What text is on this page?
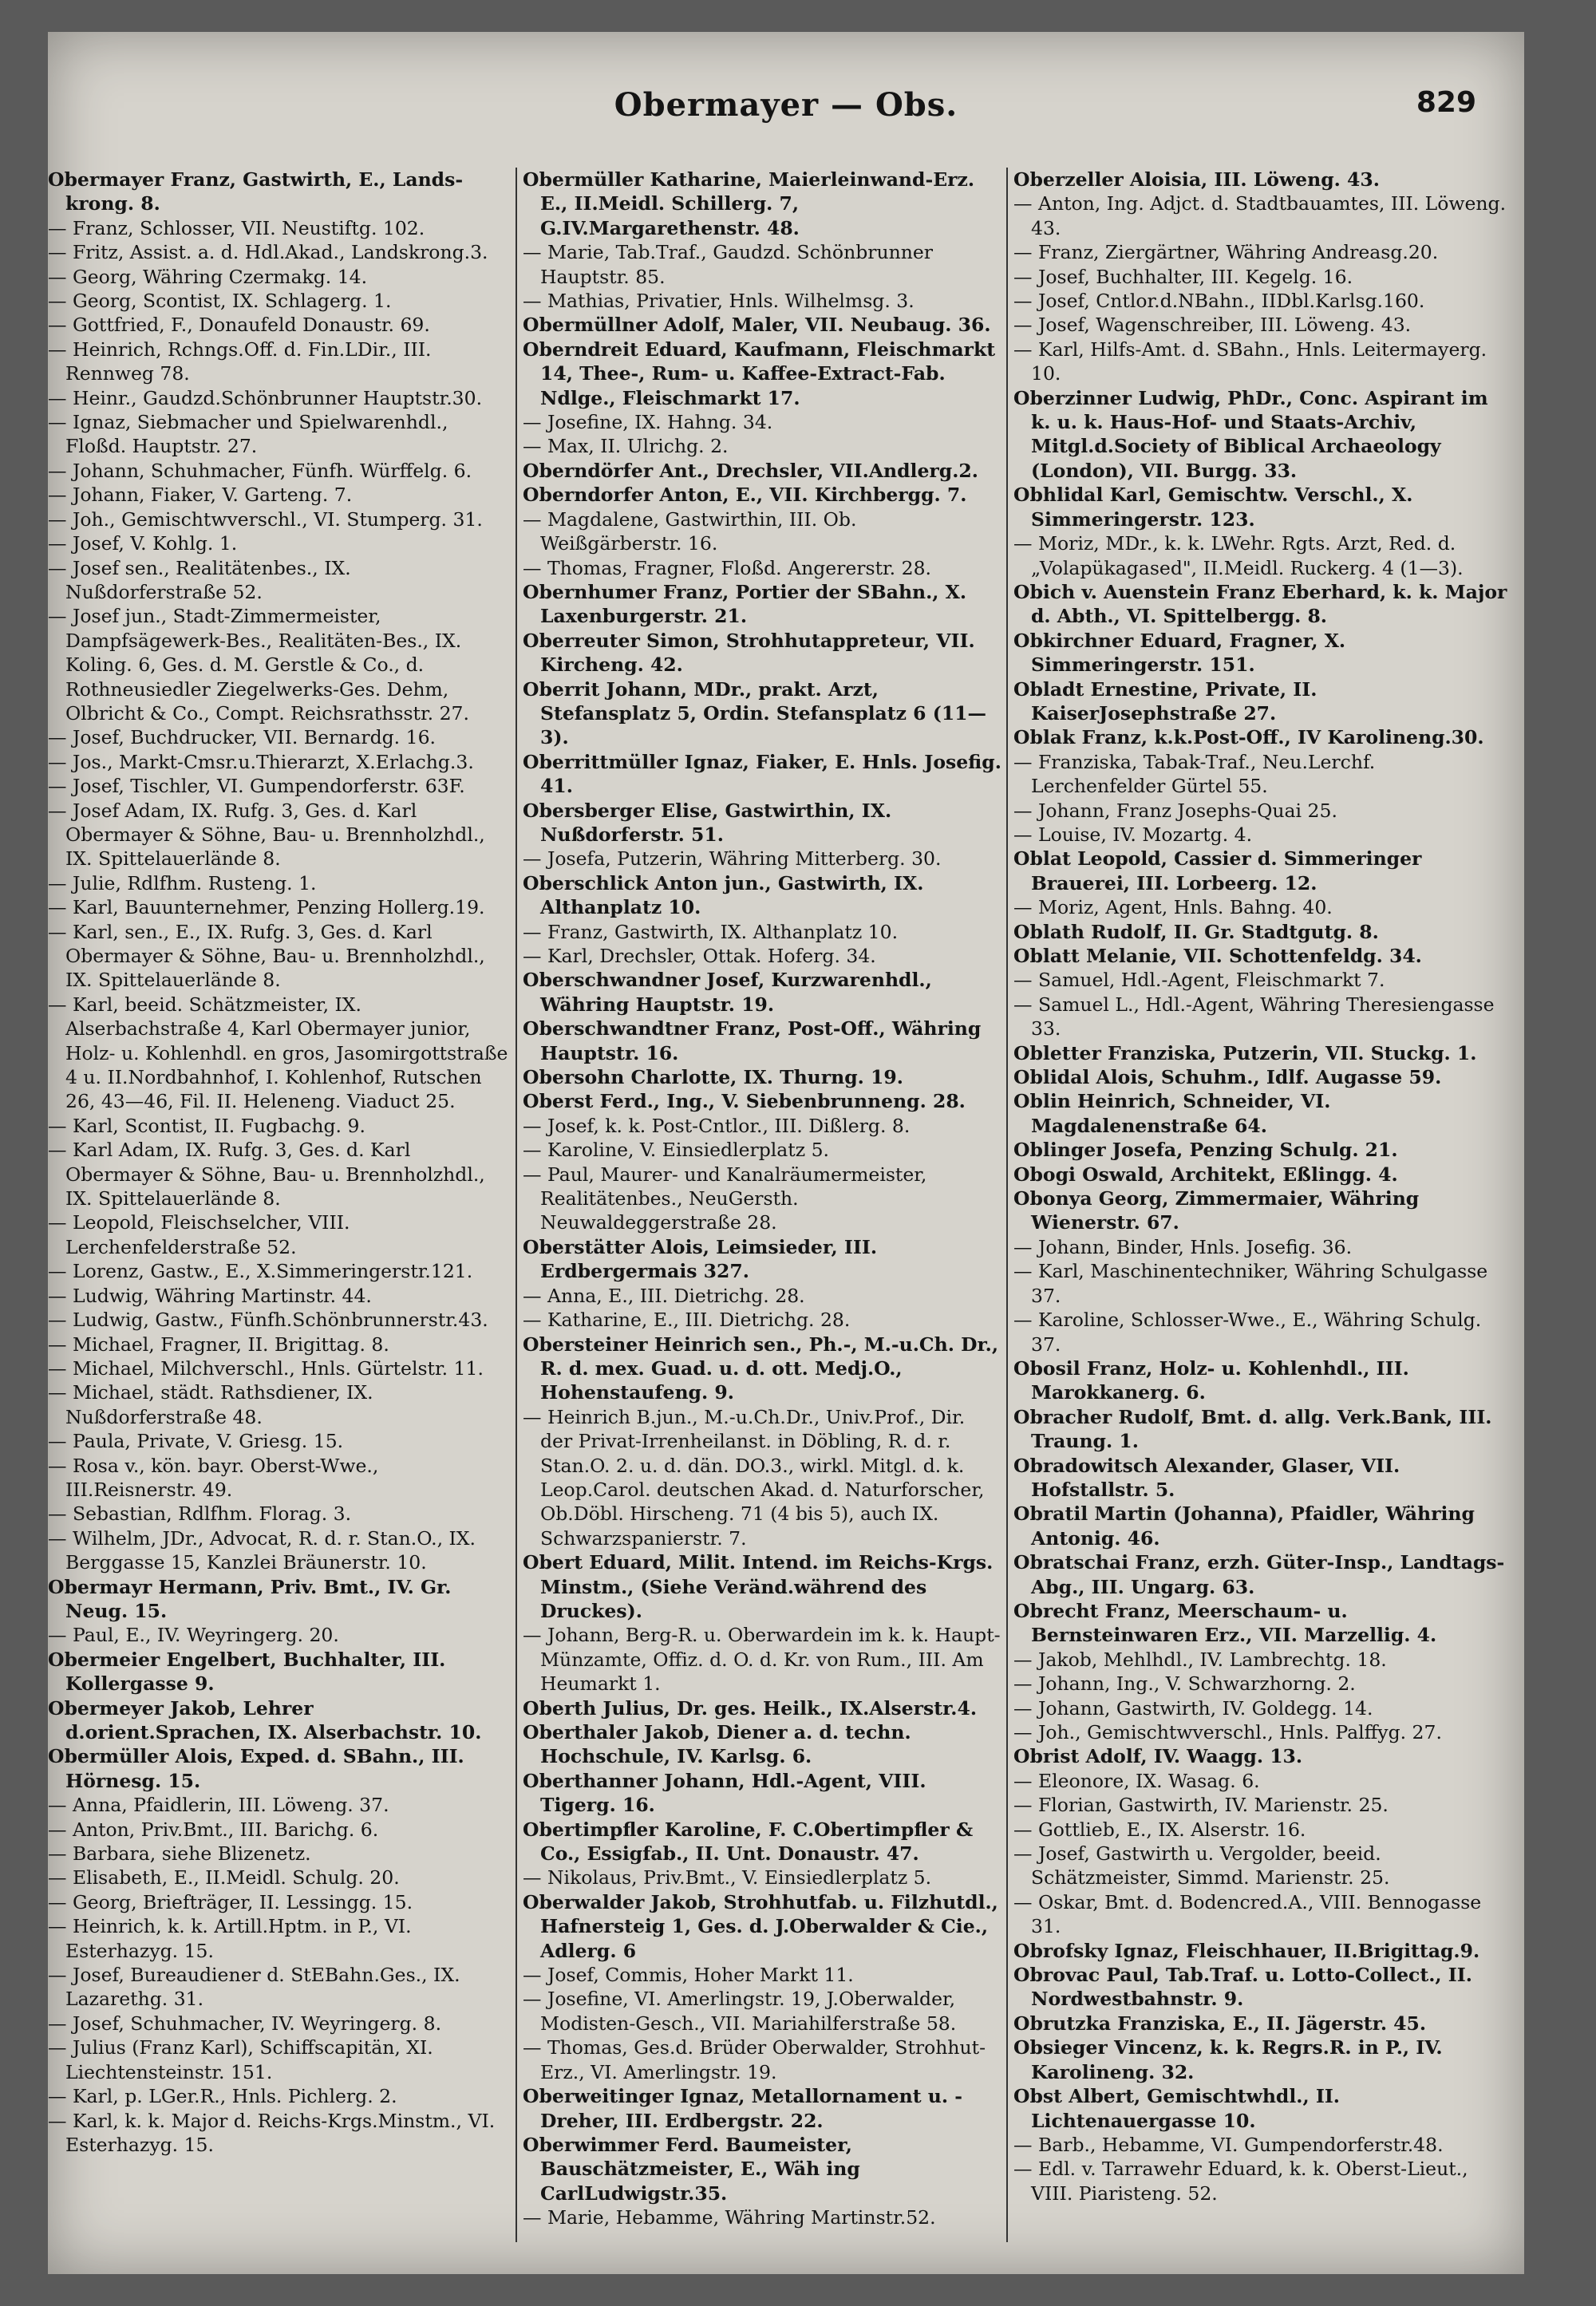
Obermayer — Obs.	829

Obermayer Franz, Gastwirth, E., Lands-krong. 8.

— Franz, Schlosser, VII. Neustiftg. 102.

— Fritz, Assist. a. d. Hdl.Akad., Landskrong.3.

— Georg, Währing Czermakg. 14.

— Georg, Scontist, IX. Schlagerg. 1.

— Gottfried, F., Donaufeld Donaustr. 69.

— Heinrich, Rchngs.Off. d. Fin.LDir., III. Rennweg 78.

— Heinr., Gaudzd.Schönbrunner Hauptstr.30.

— Ignaz, Siebmacher und Spielwarenhdl., Floßd. Hauptstr. 27.

— Johann, Schuhmacher, Fünfh. Würffelg. 6.

— Johann, Fiaker, V. Garteng. 7.

— Joh., Gemischtwverschl., VI. Stumperg. 31.

— Josef, V. Kohlg. 1.

— Josef sen., Realitätenbes., IX. Nußdorferstraße 52.

— Josef jun., Stadt-Zimmermeister, Dampfsägewerk-Bes., Realitäten-Bes., IX. Koling. 6, Ges. d. M. Gerstle & Co., d. Rothneusiedler Ziegelwerks-Ges. Dehm, Olbricht & Co., Compt. Reichsrathsstr. 27.

— Josef, Buchdrucker, VII. Bernardg. 16.

— Jos., Markt-Cmsr.u.Thierarzt, X.Erlachg.3.

— Josef, Tischler, VI. Gumpendorferstr. 63F.

— Josef Adam, IX. Rufg. 3, Ges. d. Karl Obermayer & Söhne, Bau- u. Brennholzhdl., IX. Spittelauerlände 8.

— Julie, Rdlfhm. Rusteng. 1.

— Karl, Bauunternehmer, Penzing Hollerg.19.

— Karl, sen., E., IX. Rufg. 3, Ges. d. Karl Obermayer & Söhne, Bau- u. Brennholzhdl., IX. Spittelauerlände 8.

— Karl, beeid. Schätzmeister, IX. Alserbachstraße 4, Karl Obermayer junior, Holz- u. Kohlenhdl. en gros, Jasomirgottstraße 4 u. II.Nordbahnhof, I. Kohlenhof, Rutschen 26, 43—46, Fil. II. Heleneng. Viaduct 25.

— Karl, Scontist, II. Fugbachg. 9.

— Karl Adam, IX. Rufg. 3, Ges. d. Karl Obermayer & Söhne, Bau- u. Brennholzhdl., IX. Spittelauerlände 8.

— Leopold, Fleischselcher, VIII. Lerchenfelderstraße 52.

— Lorenz, Gastw., E., X.Simmeringerstr.121.

— Ludwig, Währing Martinstr. 44.

— Ludwig, Gastw., Fünfh.Schönbrunnerstr.43.

— Michael, Fragner, II. Brigittag. 8.

— Michael, Milchverschl., Hnls. Gürtelstr. 11.

— Michael, städt. Rathsdiener, IX. Nußdorferstraße 48.

— Paula, Private, V. Griesg. 15.

— Rosa v., kön. bayr. Oberst-Wwe., III.Reisnerstr. 49.

— Sebastian, Rdlfhm. Florag. 3.

— Wilhelm, JDr., Advocat, R. d. r. Stan.O., IX. Berggasse 15, Kanzlei Bräunerstr. 10.

Obermayr Hermann, Priv. Bmt., IV. Gr. Neug. 15.

— Paul, E., IV. Weyringerg. 20.

Obermeier Engelbert, Buchhalter, III. Kollergasse 9.

Obermeyer Jakob, Lehrer d.orient.Sprachen, IX. Alserbachstr. 10.

Obermüller Alois, Exped. d. SBahn., III. Hörnesg. 15.

— Anna, Pfaidlerin, III. Löweng. 37.

— Anton, Priv.Bmt., III. Barichg. 6.

— Barbara, siehe Blizenetz.

— Elisabeth, E., II.Meidl. Schulg. 20.

— Georg, Briefträger, II. Lessingg. 15.

— Heinrich, k. k. Artill.Hptm. in P., VI. Esterhazyg. 15.

— Josef, Bureaudiener d. StEBahn.Ges., IX. Lazarethg. 31.

— Josef, Schuhmacher, IV. Weyringerg. 8.

— Julius (Franz Karl), Schiffscapitän, XI. Liechtensteinstr. 151.

— Karl, p. LGer.R., Hnls. Pichlerg. 2.

— Karl, k. k. Major d. Reichs-Krgs.Minstm., VI. Esterhazyg. 15.

Obermüller Katharine, Maierleinwand-Erz. E., II.Meidl. Schillerg. 7, G.IV.Margarethenstr. 48.

— Marie, Tab.Traf., Gaudzd. Schönbrunner Hauptstr. 85.

— Mathias, Privatier, Hnls. Wilhelmsg. 3.

Obermüllner Adolf, Maler, VII. Neubaug. 36.

Oberndreit Eduard, Kaufmann, Fleischmarkt 14, Thee-, Rum- u. Kaffee-Extract-Fab. Ndlge., Fleischmarkt 17.

— Josefine, IX. Hahng. 34.

— Max, II. Ulrichg. 2.

Oberndörfer Ant., Drechsler, VII.Andlerg.2.

Oberndorfer Anton, E., VII. Kirchbergg. 7.

— Magdalene, Gastwirthin, III. Ob. Weißgärberstr. 16.

— Thomas, Fragner, Floßd. Angererstr. 28.

Obernhumer Franz, Portier der SBahn., X. Laxenburgerstr. 21.

Oberreuter Simon, Strohhutappreteur, VII. Kircheng. 42.

Oberrit Johann, MDr., prakt. Arzt, Stefansplatz 5, Ordin. Stefansplatz 6 (11—3).

Oberrittmüller Ignaz, Fiaker, E. Hnls. Josefig. 41.

Obersberger Elise, Gastwirthin, IX. Nußdorferstr. 51.

— Josefa, Putzerin, Währing Mitterberg. 30.

Oberschlick Anton jun., Gastwirth, IX. Althanplatz 10.

— Franz, Gastwirth, IX. Althanplatz 10.

— Karl, Drechsler, Ottak. Hoferg. 34.

Oberschwandner Josef, Kurzwarenhdl., Währing Hauptstr. 19.

Oberschwandtner Franz, Post-Off., Währing Hauptstr. 16.

Obersohn Charlotte, IX. Thurng. 19.

Oberst Ferd., Ing., V. Siebenbrunneng. 28.

— Josef, k. k. Post-Cntlor., III. Dißlerg. 8.

— Karoline, V. Einsiedlerplatz 5.

— Paul, Maurer- und Kanalräumermeister, Realitätenbes., NeuGersth. Neuwaldeggerstraße 28.

Oberstätter Alois, Leimsieder, III. Erdbergermais 327.

— Anna, E., III. Dietrichg. 28.

— Katharine, E., III. Dietrichg. 28.

Obersteiner Heinrich sen., Ph.-, M.-u.Ch. Dr., R. d. mex. Guad. u. d. ott. Medj.O., Hohenstaufeng. 9.

— Heinrich B.jun., M.-u.Ch.Dr., Univ.Prof., Dir. der Privat-Irrenheilanst. in Döbling, R. d. r. Stan.O. 2. u. d. dän. DO.3., wirkl. Mitgl. d. k. Leop.Carol. deutschen Akad. d. Naturforscher, Ob.Döbl. Hirscheng. 71 (4 bis 5), auch IX. Schwarzspanierstr. 7.

Obert Eduard, Milit. Intend. im Reichs-Krgs. Minstm., (Siehe Veränd.während des Druckes).

— Johann, Berg-R. u. Oberwardein im k. k. Haupt-Münzamte, Offiz. d. O. d. Kr. von Rum., III. Am Heumarkt 1.

Oberth Julius, Dr. ges. Heilk., IX.Alserstr.4.

Oberthaler Jakob, Diener a. d. techn. Hochschule, IV. Karlsg. 6.

Oberthanner Johann, Hdl.-Agent, VIII. Tigerg. 16.

Obertimpfler Karoline, F. C.Obertimpfler & Co., Essigfab., II. Unt. Donaustr. 47.

— Nikolaus, Priv.Bmt., V. Einsiedlerplatz 5.

Oberwalder Jakob, Strohhutfab. u. Filzhutdl., Hafnersteig 1, Ges. d. J.Oberwalder & Cie., Adlerg. 6

— Josef, Commis, Hoher Markt 11.

— Josefine, VI. Amerlingstr. 19, J.Oberwalder, Modisten-Gesch., VII. Mariahilferstraße 58.

— Thomas, Ges.d. Brüder Oberwalder, Strohhut-Erz., VI. Amerlingstr. 19.

Oberweitinger Ignaz, Metallornament u. -Dreher, III. Erdbergstr. 22.

Oberwimmer Ferd. Baumeister, Bauschätzmeister, E., Wäh ing CarlLudwigstr.35.

— Marie, Hebamme, Währing Martinstr.52.

Oberzeller Aloisia, III. Löweng. 43.

— Anton, Ing. Adjct. d. Stadtbauamtes, III. Löweng. 43.

— Franz, Ziergärtner, Währing Andreasg.20.

— Josef, Buchhalter, III. Kegelg. 16.

— Josef, Cntlor.d.NBahn., IIDbl.Karlsg.160.

— Josef, Wagenschreiber, III. Löweng. 43.

— Karl, Hilfs-Amt. d. SBahn., Hnls. Leitermayerg. 10.

Oberzinner Ludwig, PhDr., Conc. Aspirant im k. u. k. Haus-Hof- und Staats-Archiv, Mitgl.d.Society of Biblical Archaeology (London), VII. Burgg. 33.

Obhlidal Karl, Gemischtw. Verschl., X. Simmeringerstr. 123.

— Moriz, MDr., k. k. LWehr. Rgts. Arzt, Red. d. „Volapükagased", II.Meidl. Ruckerg. 4 (1—3).

Obich v. Auenstein Franz Eberhard, k. k. Major d. Abth., VI. Spittelbergg. 8.

Obkirchner Eduard, Fragner, X. Simmeringerstr. 151.

Obladt Ernestine, Private, II. KaiserJosephstraße 27.

Oblak Franz, k.k.Post-Off., IV Karolineng.30.

— Franziska, Tabak-Traf., Neu.Lerchf. Lerchenfelder Gürtel 55.

— Johann, Franz Josephs-Quai 25.

— Louise, IV. Mozartg. 4.

Oblat Leopold, Cassier d. Simmeringer Brauerei, III. Lorbeerg. 12.

— Moriz, Agent, Hnls. Bahng. 40.

Oblath Rudolf, II. Gr. Stadtgutg. 8.

Oblatt Melanie, VII. Schottenfeldg. 34.

— Samuel, Hdl.-Agent, Fleischmarkt 7.

— Samuel L., Hdl.-Agent, Währing Theresiengasse 33.

Obletter Franziska, Putzerin, VII. Stuckg. 1.

Oblidal Alois, Schuhm., Idlf. Augasse 59.

Oblin Heinrich, Schneider, VI. Magdalenenstraße 64.

Oblinger Josefa, Penzing Schulg. 21.

Obogi Oswald, Architekt, Eßlingg. 4.

Obonya Georg, Zimmermaier, Währing Wienerstr. 67.

— Johann, Binder, Hnls. Josefig. 36.

— Karl, Maschinentechniker, Währing Schulgasse 37.

— Karoline, Schlosser-Wwe., E., Währing Schulg. 37.

Obosil Franz, Holz- u. Kohlenhdl., III. Marokkanerg. 6.

Obracher Rudolf, Bmt. d. allg. Verk.Bank, III. Traung. 1.

Obradowitsch Alexander, Glaser, VII. Hofstallstr. 5.

Obratil Martin (Johanna), Pfaidler, Währing Antonig. 46.

Obratschai Franz, erzh. Güter-Insp., Landtags-Abg., III. Ungarg. 63.

Obrecht Franz, Meerschaum- u. Bernsteinwaren Erz., VII. Marzellig. 4.

— Jakob, Mehlhdl., IV. Lambrechtg. 18.

— Johann, Ing., V. Schwarzhorng. 2.

— Johann, Gastwirth, IV. Goldegg. 14.

— Joh., Gemischtwverschl., Hnls. Palffyg. 27.

Obrist Adolf, IV. Waagg. 13.

— Eleonore, IX. Wasag. 6.

— Florian, Gastwirth, IV. Marienstr. 25.

— Gottlieb, E., IX. Alserstr. 16.

— Josef, Gastwirth u. Vergolder, beeid. Schätzmeister, Simmd. Marienstr. 25.

— Oskar, Bmt. d. Bodencred.A., VIII. Bennogasse 31.

Obrofsky Ignaz, Fleischhauer, II.Brigittag.9.

Obrovac Paul, Tab.Traf. u. Lotto-Collect., II. Nordwestbahnstr. 9.

Obrutzka Franziska, E., II. Jägerstr. 45.

Obsieger Vincenz, k. k. Regrs.R. in P., IV. Karolineng. 32.

Obst Albert, Gemischtwhdl., II. Lichtenauergasse 10.

— Barb., Hebamme, VI. Gumpendorferstr.48.

— Edl. v. Tarrawehr Eduard, k. k. Oberst-Lieut., VIII. Piaristeng. 52.
